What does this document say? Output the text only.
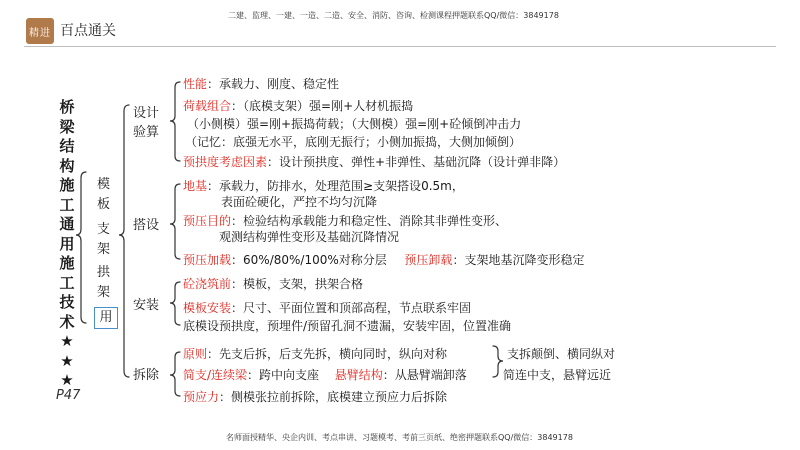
精进 百点通关
二建、监理、一建、一造、二造、安全、消防、咨询、检测课程押题联系QQ/微信：3849178
桥梁结构施工通用施工技术★★★
P47
模板
支架
拱架
用
设计
验算
搭设
安装
拆除
性能：承载力、刚度、稳定性
荷载组合：（底模支架）强=刚+人材机振捣
（小侧模）强=刚+振捣荷载；（大侧模）强=刚+砼倾倒冲击力
（记忆：底强无水平，底刚无振行；小侧加振捣，大侧加倾倒）
预拱度考虑因素：设计预拱度、弹性+非弹性、基础沉降（设计弹非降）
地基：承载力，防排水，处理范围≥支架搭设0.5m，
表面砼硬化，严控不均匀沉降
预压目的：检验结构承载能力和稳定性、消除其非弹性变形、
观测结构弹性变形及基础沉降情况
预压加载：60%/80%/100%对称分层 预压卸载：支架地基沉降变形稳定
砼浇筑前：模板，支架，拱架合格
模板安装：尺寸、平面位置和顶部高程，节点联系牢固
底模设预拱度，预埋件/预留孔洞不遗漏，安装牢固，位置准确
原则：先支后拆，后支先拆，横向同时，纵向对称	支拆颠倒、横同纵对
简支/连续梁：跨中向支座 悬臂结构：从悬臂端卸落	简连中支，悬臂远近
预应力：侧模张拉前拆除，底模建立预应力后拆除
名师面授精华、央企内训、考点串讲、习题模考、考前三页纸、绝密押题联系QQ/微信：3849178
